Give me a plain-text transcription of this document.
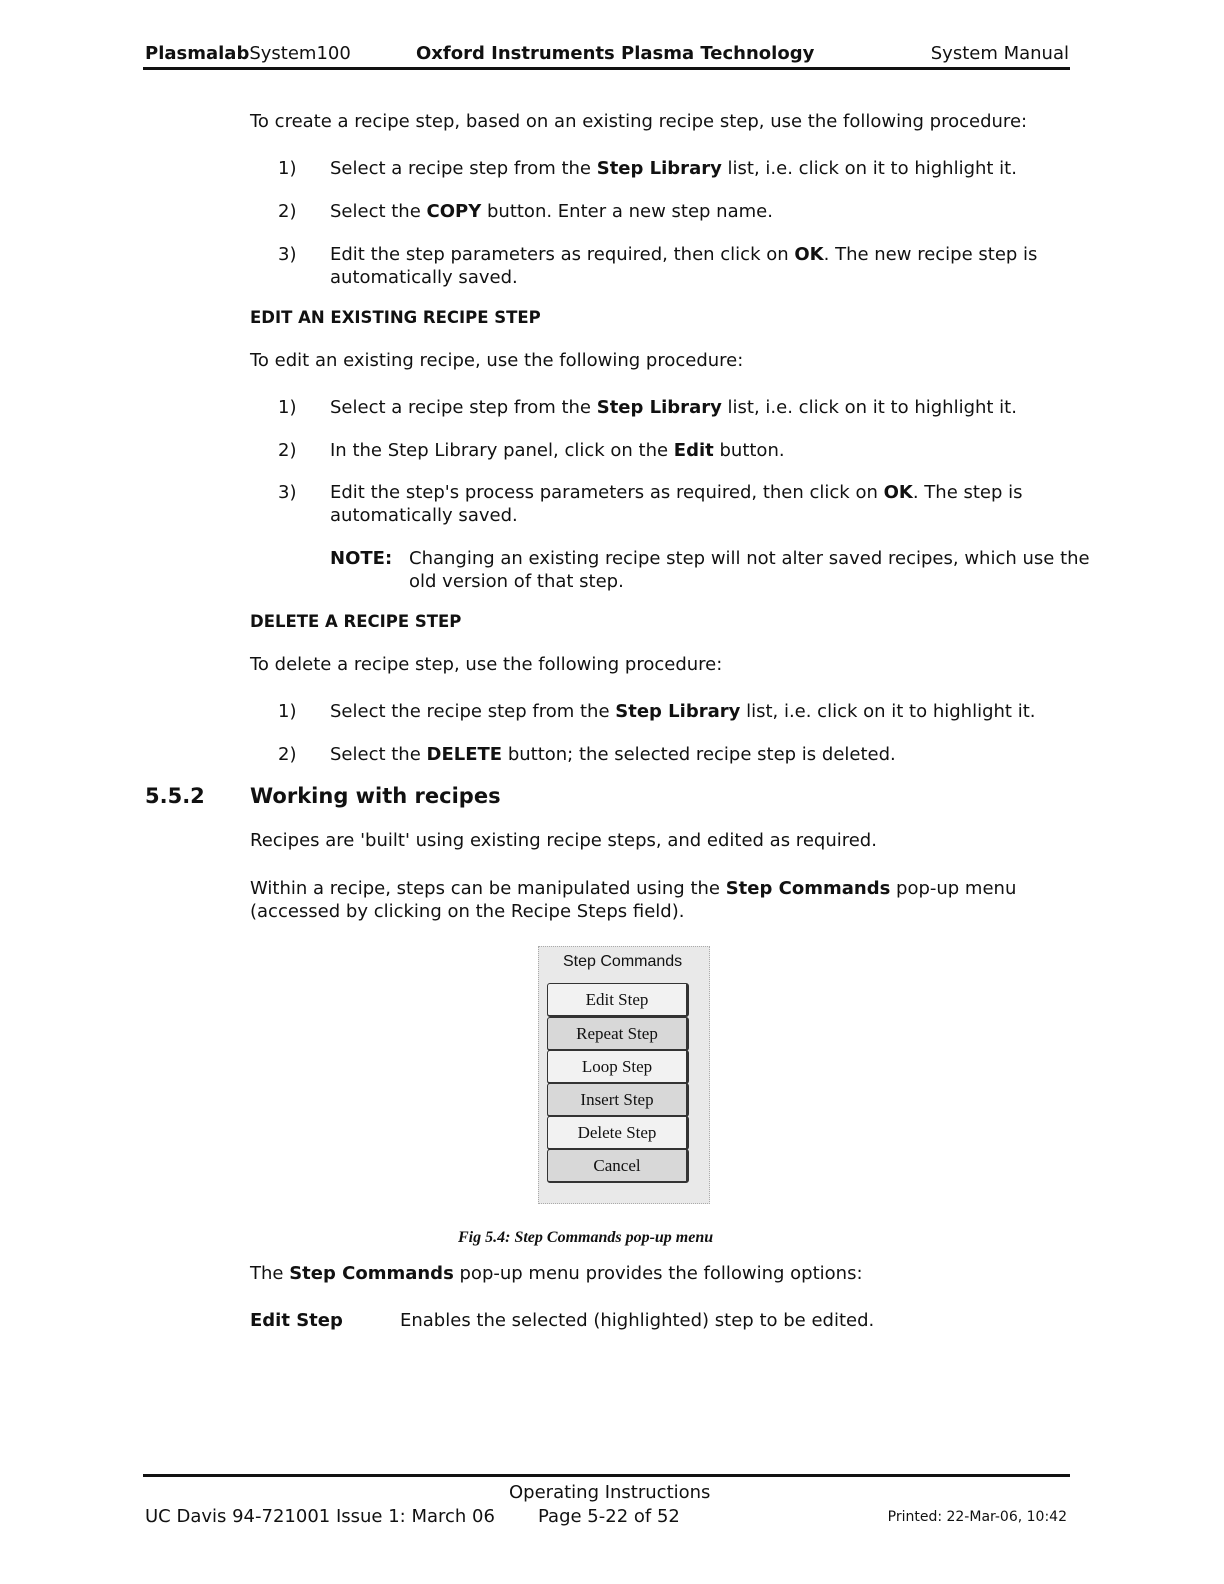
PlasmalabSystem100	Oxford Instruments Plasma Technology	System Manual
To create a recipe step, based on an existing recipe step, use the following procedure:
1) Select a recipe step from the Step Library list, i.e. click on it to highlight it.
2) Select the COPY button. Enter a new step name.
3) Edit the step parameters as required, then click on OK. The new recipe step is
automatically saved.
EDIT AN EXISTING RECIPE STEP
To edit an existing recipe, use the following procedure:
1) Select a recipe step from the Step Library list, i.e. click on it to highlight it.
2) In the Step Library panel, click on the Edit button.
3) Edit the step's process parameters as required, then click on OK. The step is
automatically saved.
NOTE: Changing an existing recipe step will not alter saved recipes, which use the
old version of that step.
DELETE A RECIPE STEP
To delete a recipe step, use the following procedure:
1) Select the recipe step from the Step Library list, i.e. click on it to highlight it.
2) Select the DELETE button; the selected recipe step is deleted.
5.5.2 Working with recipes
Recipes are 'built' using existing recipe steps, and edited as required.
Within a recipe, steps can be manipulated using the Step Commands pop-up menu
(accessed by clicking on the Recipe Steps field).
Step Commands
Edit Step
Repeat Step
Loop Step
Insert Step
Delete Step
Cancel
Fig 5.4: Step Commands pop-up menu
The Step Commands pop-up menu provides the following options:
Edit Step	Enables the selected (highlighted) step to be edited.
Operating Instructions
UC Davis 94-721001 Issue 1: March 06 Page 5-22 of 52	Printed: 22-Mar-06, 10:42
